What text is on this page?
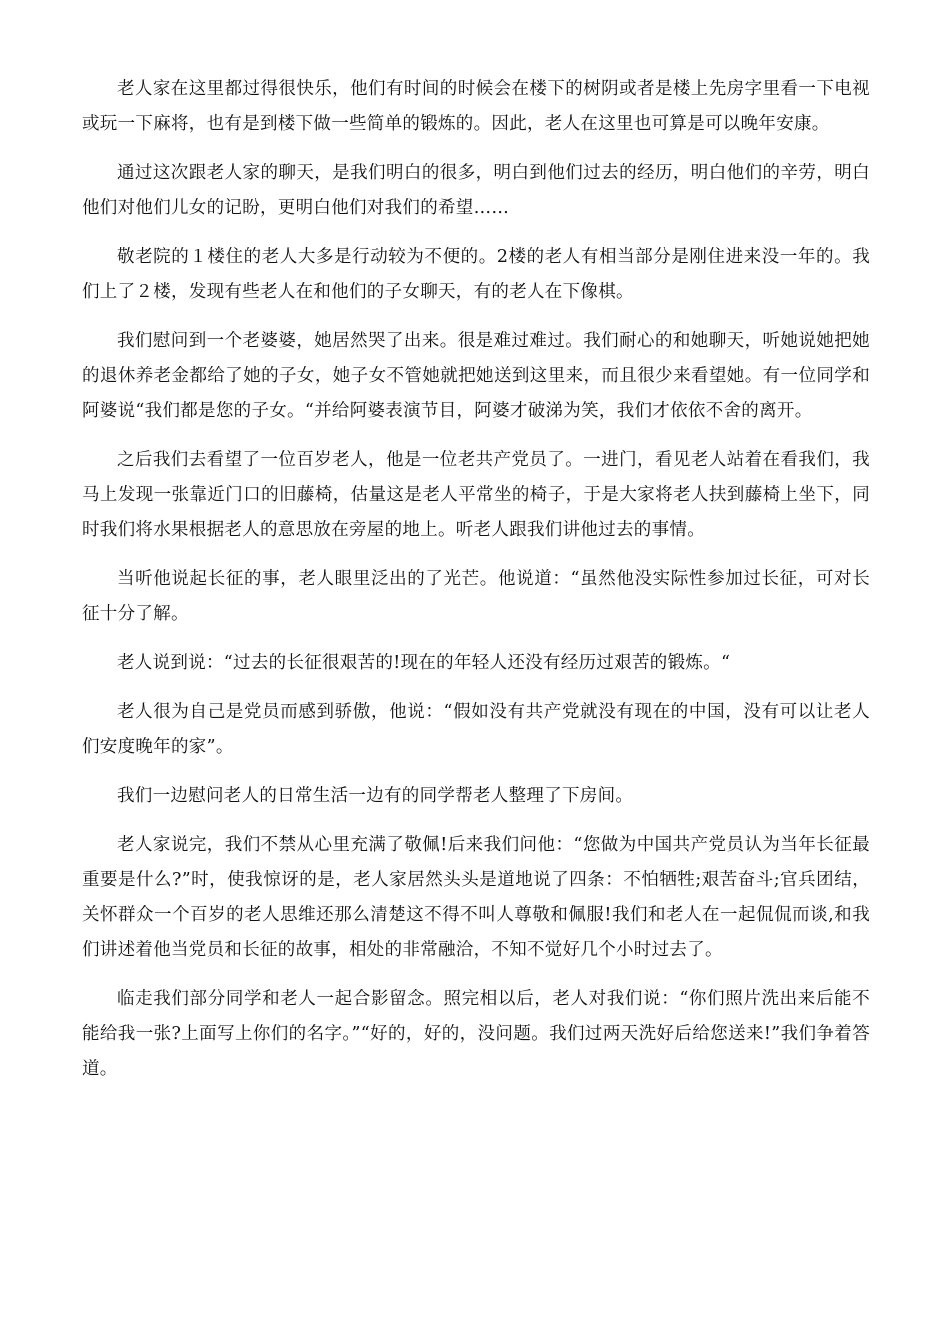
老人家在这里都过得很快乐，他们有时间的时候会在楼下的树阴或者是楼上先房字里看一下电视或玩一下麻将，也有是到楼下做一些简单的锻炼的。因此，老人在这里也可算是可以晚年安康。

通过这次跟老人家的聊天，是我们明白的很多，明白到他们过去的经历，明白他们的辛劳，明白他们对他们儿女的记盼，更明白他们对我们的希望……

敬老院的１楼住的老人大多是行动较为不便的。2楼的老人有相当部分是刚住进来没一年的。我们上了２楼，发现有些老人在和他们的子女聊天，有的老人在下像棋。

我们慰问到一个老婆婆，她居然哭了出来。很是难过难过。我们耐心的和她聊天，听她说她把她的退休养老金都给了她的子女，她子女不管她就把她送到这里来，而且很少来看望她。有一位同学和阿婆说“我们都是您的子女。“并给阿婆表演节目，阿婆才破涕为笑，我们才依依不舍的离开。

之后我们去看望了一位百岁老人，他是一位老共产党员了。一进门，看见老人站着在看我们，我马上发现一张靠近门口的旧藤椅，估量这是老人平常坐的椅子，于是大家将老人扶到藤椅上坐下，同时我们将水果根据老人的意思放在旁屋的地上。听老人跟我们讲他过去的事情。

当听他说起长征的事，老人眼里泛出的了光芒。他说道：“虽然他没实际性参加过长征，可对长征十分了解。

老人说到说：“过去的长征很艰苦的!现在的年轻人还没有经历过艰苦的锻炼。“

老人很为自己是党员而感到骄傲，他说：“假如没有共产党就没有现在的中国，没有可以让老人们安度晚年的家”。

我们一边慰问老人的日常生活一边有的同学帮老人整理了下房间。

老人家说完，我们不禁从心里充满了敬佩!后来我们问他：“您做为中国共产党员认为当年长征最重要是什么?”时，使我惊讶的是，老人家居然头头是道地说了四条：不怕牺牲;艰苦奋斗;官兵团结，关怀群众一个百岁的老人思维还那么清楚这不得不叫人尊敬和佩服!我们和老人在一起侃侃而谈,和我们讲述着他当党员和长征的故事，相处的非常融洽，不知不觉好几个小时过去了。

临走我们部分同学和老人一起合影留念。照完相以后，老人对我们说：“你们照片洗出来后能不能给我一张?上面写上你们的名字。”“好的，好的，没问题。我们过两天洗好后给您送来!”我们争着答道。
